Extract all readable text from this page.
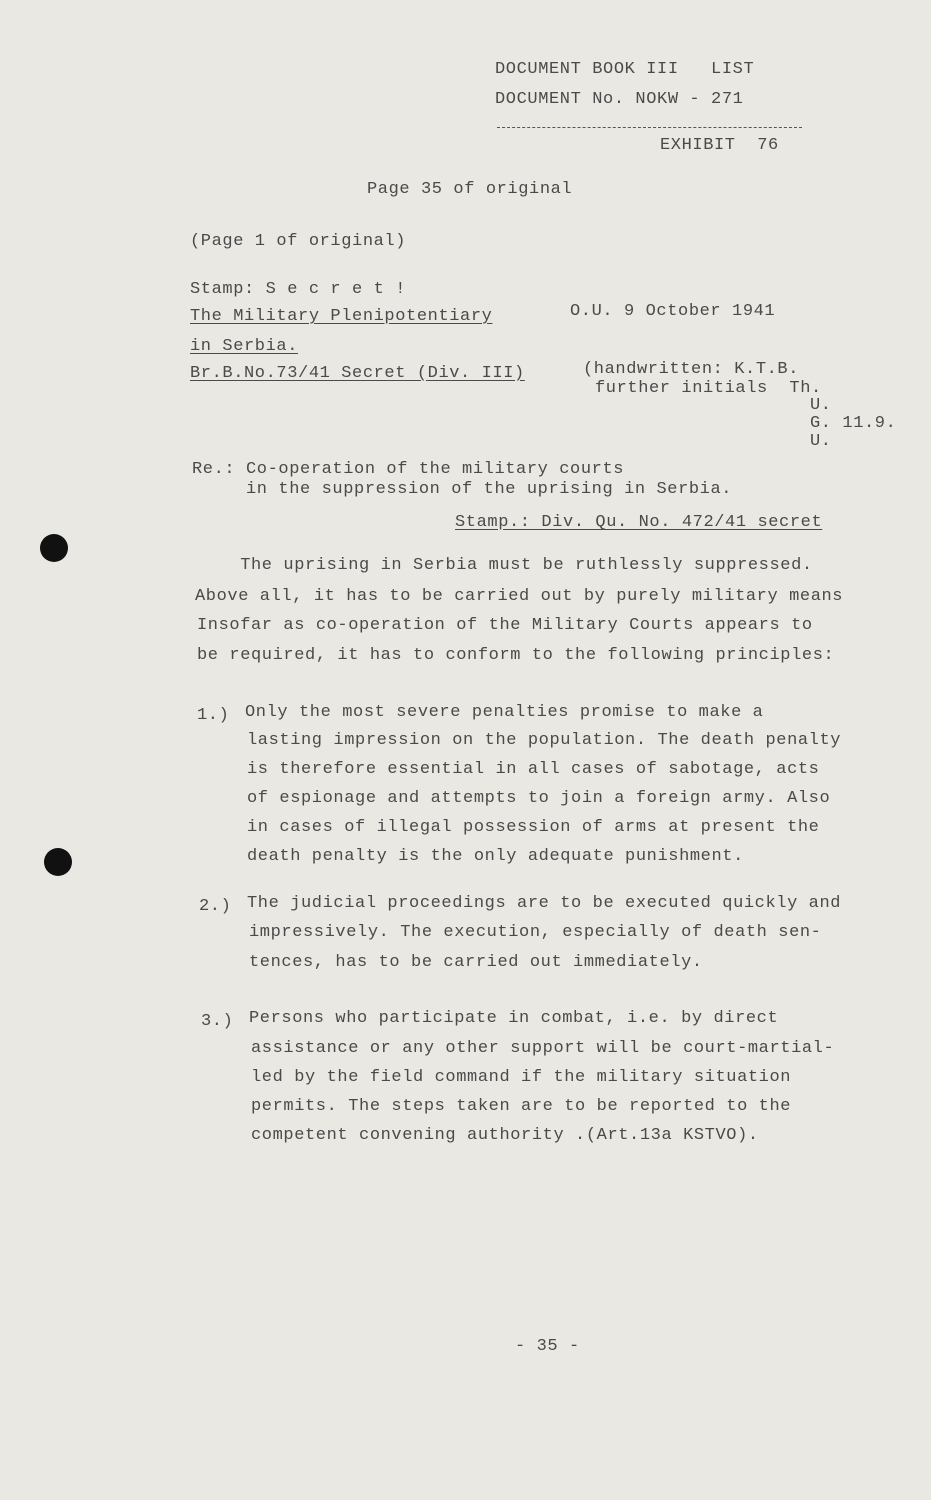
DOCUMENT BOOK III   LIST
DOCUMENT No. NOKW - 271
EXHIBIT  76
Page 35 of original
(Page 1 of original)
Stamp: S e c r e t !
The Military Plenipotentiary	O.U. 9 October 1941
in Serbia.
Br.B.No.73/41 Secret (Div. III)	(handwritten: K.T.B.
further initials  Th.
U.
G. 11.9.
U.
Re.: Co-operation of the military courts
in the suppression of the uprising in Serbia.
Stamp.: Div. Qu. No. 472/41 secret
The uprising in Serbia must be ruthlessly suppressed.
Above all, it has to be carried out by purely military means
Insofar as co-operation of the Military Courts appears to
be required, it has to conform to the following principles:
1.) Only the most severe penalties promise to make a
lasting impression on the population. The death penalty
is therefore essential in all cases of sabotage, acts
of espionage and attempts to join a foreign army. Also
in cases of illegal possession of arms at present the
death penalty is the only adequate punishment.
2.) The judicial proceedings are to be executed quickly and
impressively. The execution, especially of death sen-
tences, has to be carried out immediately.
3.) Persons who participate in combat, i.e. by direct
assistance or any other support will be court-martial-
led by the field command if the military situation
permits. The steps taken are to be reported to the
competent convening authority .(Art.13a KSTVO).
- 35 -
